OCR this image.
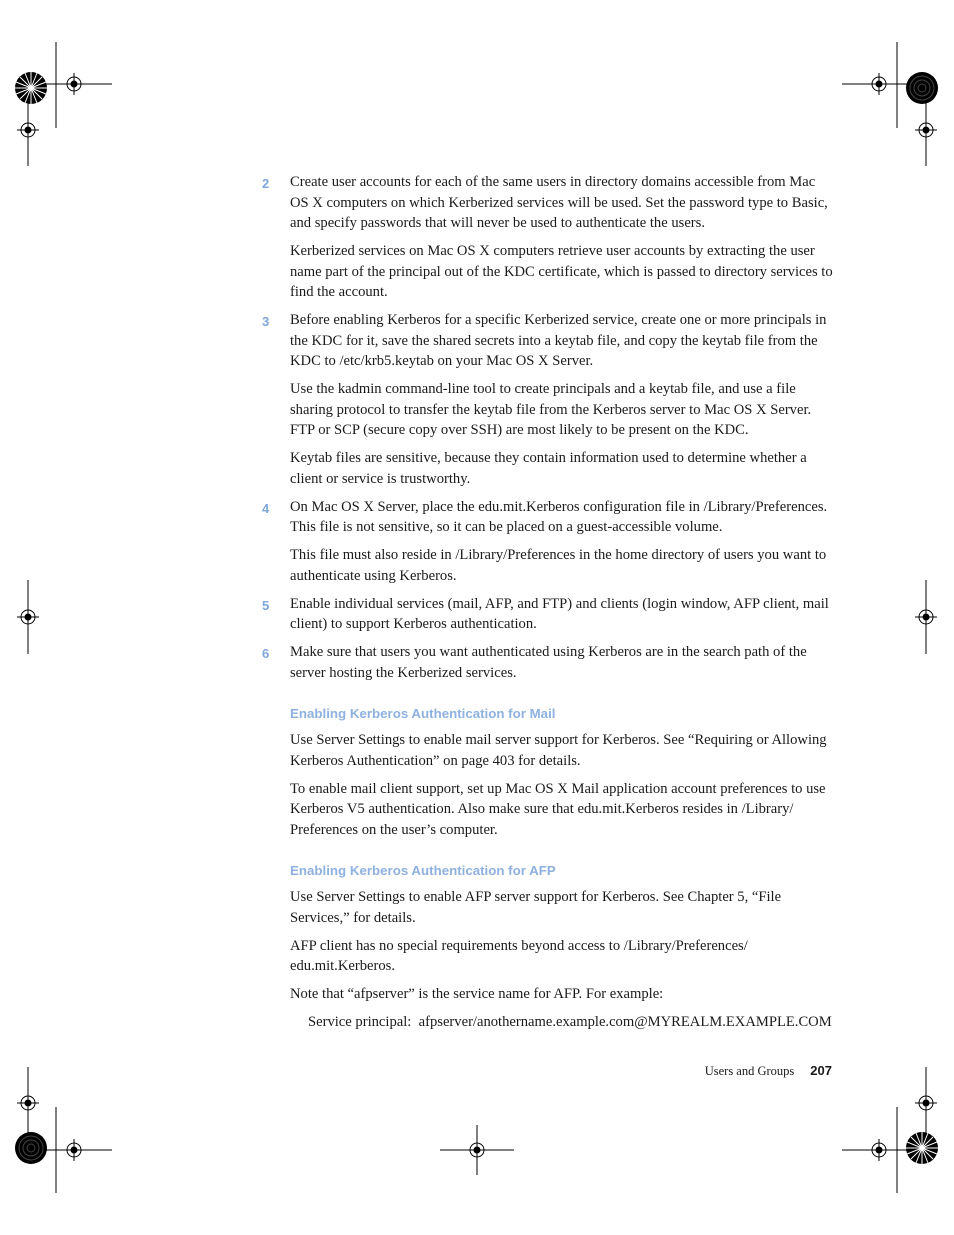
2 Create user accounts for each of the same users in directory domains accessible from Mac OS X computers on which Kerberized services will be used. Set the password type to Basic, and specify passwords that will never be used to authenticate the users.

Kerberized services on Mac OS X computers retrieve user accounts by extracting the user name part of the principal out of the KDC certificate, which is passed to directory services to find the account.

3 Before enabling Kerberos for a specific Kerberized service, create one or more principals in the KDC for it, save the shared secrets into a keytab file, and copy the keytab file from the KDC to /etc/krb5.keytab on your Mac OS X Server.

Use the kadmin command-line tool to create principals and a keytab file, and use a file sharing protocol to transfer the keytab file from the Kerberos server to Mac OS X Server. FTP or SCP (secure copy over SSH) are most likely to be present on the KDC.

Keytab files are sensitive, because they contain information used to determine whether a client or service is trustworthy.

4 On Mac OS X Server, place the edu.mit.Kerberos configuration file in /Library/Preferences. This file is not sensitive, so it can be placed on a guest-accessible volume.

This file must also reside in /Library/Preferences in the home directory of users you want to authenticate using Kerberos.

5 Enable individual services (mail, AFP, and FTP) and clients (login window, AFP client, mail client) to support Kerberos authentication.
6 Make sure that users you want authenticated using Kerberos are in the search path of the server hosting the Kerberized services.
Enabling Kerberos Authentication for Mail

Use Server Settings to enable mail server support for Kerberos. See “Requiring or Allowing Kerberos Authentication” on page 403 for details.

To enable mail client support, set up Mac OS X Mail application account preferences to use Kerberos V5 authentication. Also make sure that edu.mit.Kerberos resides in /Library/ Preferences on the user’s computer.

Enabling Kerberos Authentication for AFP

Use Server Settings to enable AFP server support for Kerberos. See Chapter 5, “File Services,” for details.

AFP client has no special requirements beyond access to /Library/Preferences/ edu.mit.Kerberos.

Note that “afpserver” is the service name for AFP. For example:

Service principal: afpserver/anothername.example.com@MYREALM.EXAMPLE.COM
Users and Groups 207
